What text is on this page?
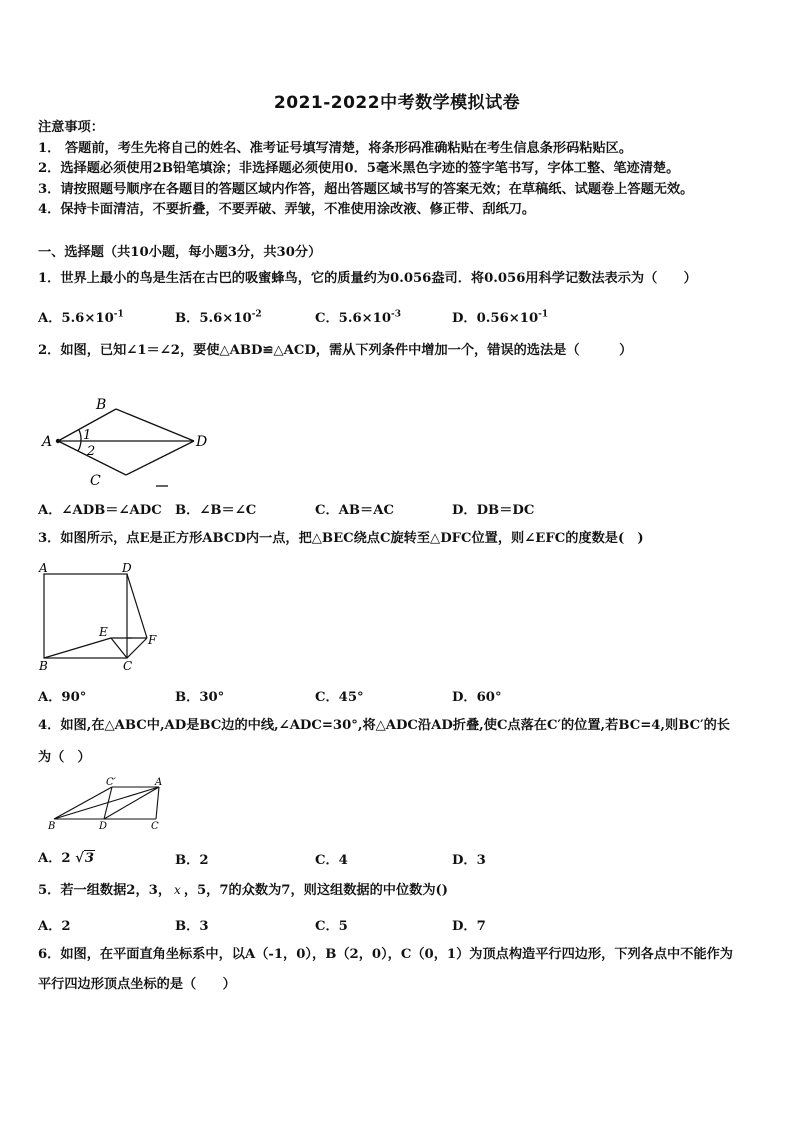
2021-2022中考数学模拟试卷
注意事项：
1． 答题前，考生先将自己的姓名、准考证号填写清楚，将条形码准确粘贴在考生信息条形码粘贴区。
2．选择题必须使用2B铅笔填涂；非选择题必须使用0．5毫米黑色字迹的签字笔书写，字体工整、笔迹清楚。
3．请按照题号顺序在各题目的答题区域内作答，超出答题区域书写的答案无效；在草稿纸、试题卷上答题无效。
4．保持卡面清洁，不要折叠，不要弄破、弄皱，不准使用涂改液、修正带、刮纸刀。
一、选择题（共10小题，每小题3分，共30分）
1．世界上最小的鸟是生活在古巴的吸蜜蜂鸟，它的质量约为0.056盎司．将0.056用科学记数法表示为（　　）
A．$5.6\times 10^{-1}$	B．$5.6\times 10^{-2}$	C．$5.6\times 10^{-3}$	D．$0.56\times 10^{-1}$
2．如图，已知∠1＝∠2，要使△ABD≌△ACD，需从下列条件中增加一个，错误的选法是（　　　）
A
B
C
D
1
2
A．∠ADB＝∠ADC B．∠B＝∠C	C．AB＝AC	D．DB＝DC
3．如图所示，点E是正方形ABCD内一点，把△BEC绕点C旋转至△DFC位置，则∠EFC的度数是(　)
A	D
B	C
E
F
A．90°	B．30°	C．45°	D．60°
4．如图,在△ABC中,AD是BC边的中线,∠ADC=30°,将△ADC沿AD折叠,使C点落在C′的位置,若BC=4,则BC′的长
为（　）
B	D	C
A
C′
A．2 √3	B．2	C．4	D．3
5．若一组数据2，3， x ，5，7的众数为7，则这组数据的中位数为()
A．2	B．3	C．5	D．7
6．如图，在平面直角坐标系中，以A（-1，0），B（2，0），C（0，1）为顶点构造平行四边形，下列各点中不能作为
平行四边形顶点坐标的是（　　）
